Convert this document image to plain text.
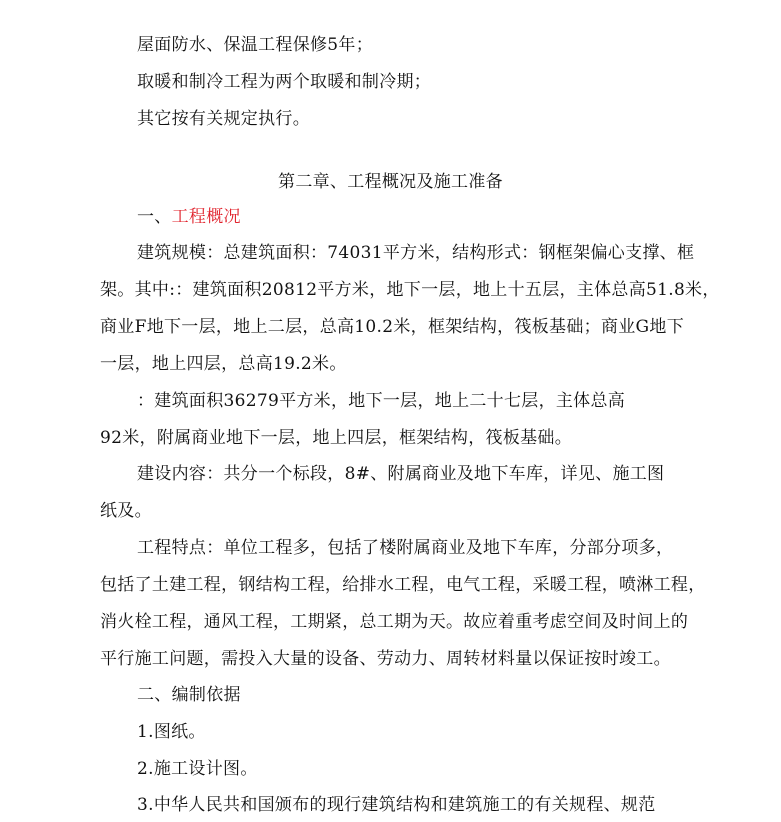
屋面防水、保温工程保修5年；
取暖和制冷工程为两个取暖和制冷期；
其它按有关规定执行。
第二章、工程概况及施工准备
一、工程概况
建筑规模：总建筑面积：74031平方米，结构形式：钢框架偏心支撑、框
架。其中:：建筑面积20812平方米，地下一层，地上十五层，主体总高51.8米，
商业F地下一层，地上二层，总高10.2米，框架结构，筏板基础；商业G地下
一层，地上四层，总高19.2米。
：建筑面积36279平方米，地下一层，地上二十七层，主体总高
92米，附属商业地下一层，地上四层，框架结构，筏板基础。
建设内容：共分一个标段，8#、附属商业及地下车库，详见、施工图
纸及。
工程特点：单位工程多，包括了楼附属商业及地下车库，分部分项多，
包括了土建工程，钢结构工程，给排水工程，电气工程，采暖工程，喷淋工程，
消火栓工程，通风工程，工期紧，总工期为天。故应着重考虑空间及时间上的
平行施工问题，需投入大量的设备、劳动力、周转材料量以保证按时竣工。
二、编制依据
1.图纸。
2.施工设计图。
3.中华人民共和国颁布的现行建筑结构和建筑施工的有关规程、规范
